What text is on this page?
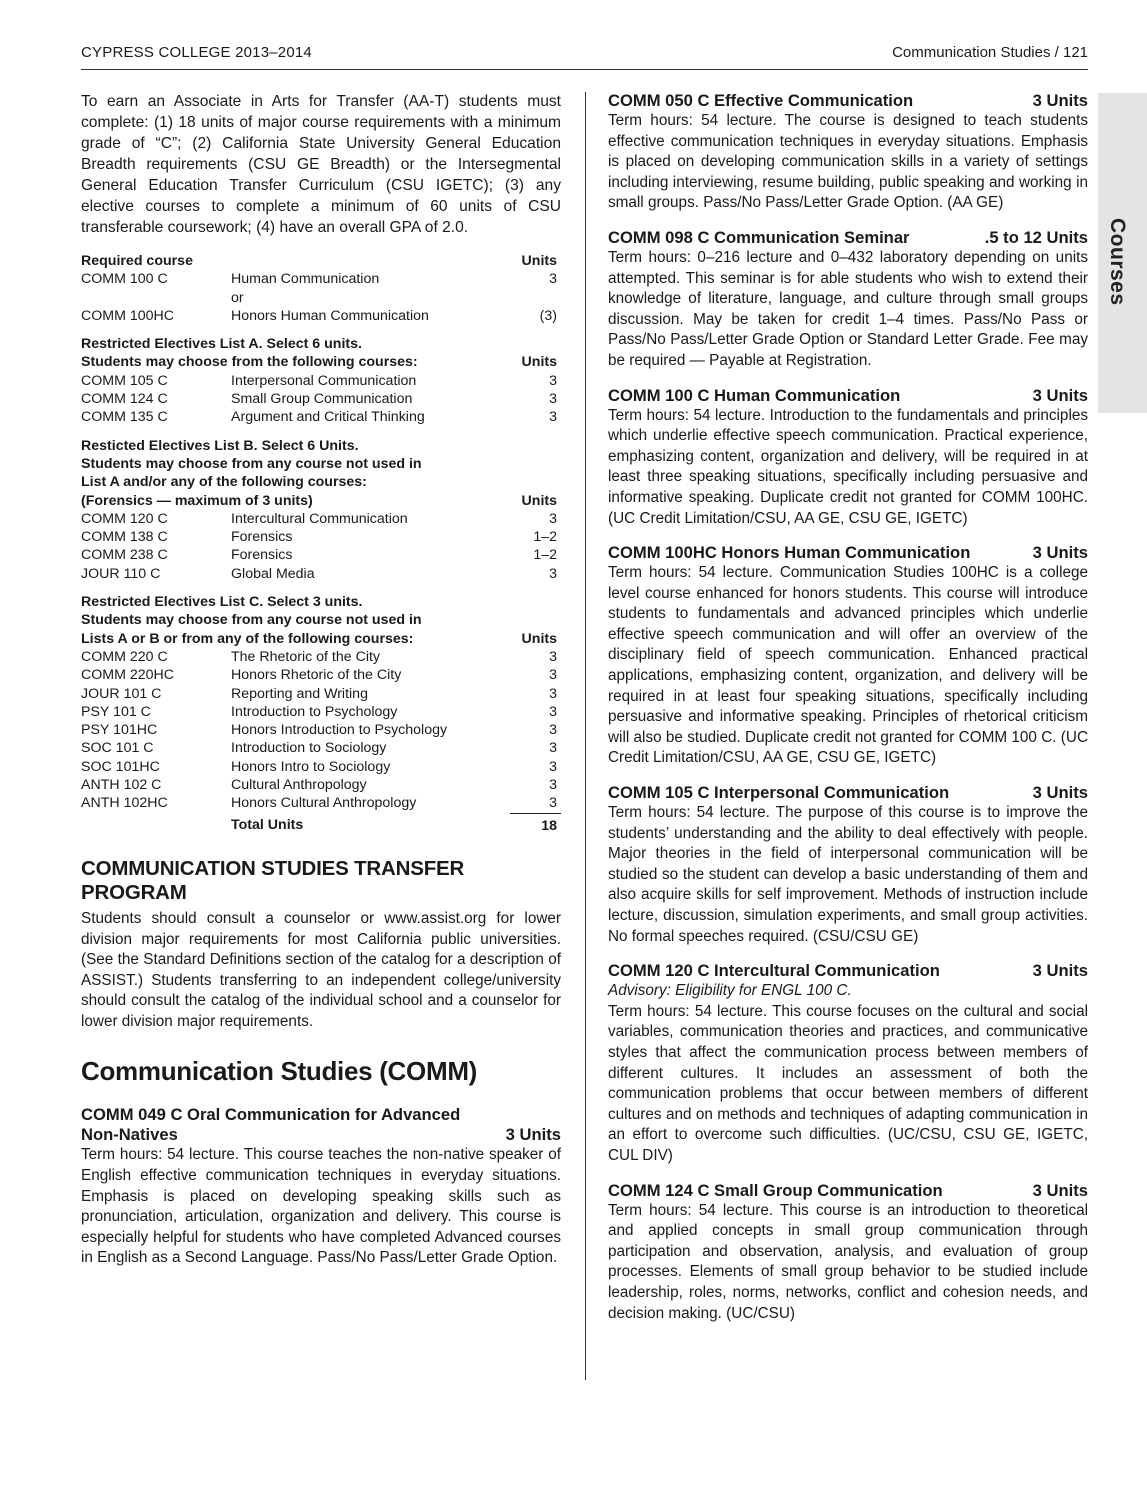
CYPRESS COLLEGE 2013–2014	Communication Studies / 121
Courses

To earn an Associate in Arts for Transfer (AA-T) students must complete: (1) 18 units of major course requirements with a minimum grade of “C”; (2) California State University General Education Breadth requirements (CSU GE Breadth) or the Intersegmental General Education Transfer Curriculum (CSU IGETC); (3) any elective courses to complete a minimum of 60 units of CSU transferable coursework; (4) have an overall GPA of 2.0.

Required course		Units
COMM 100 C	Human Communication	3
	or	
COMM 100HC	Honors Human Communication	(3)

Restricted Electives List A. Select 6 units.		
Students may choose from the following courses:		Units
COMM 105 C	Interpersonal Communication	3
COMM 124 C	Small Group Communication	3
COMM 135 C	Argument and Critical Thinking	3

Resticted Electives List B. Select 6 Units.		
Students may choose from any course not used in		
List A and/or any of the following courses:		
(Forensics — maximum of 3 units)		Units
COMM 120 C	Intercultural Communication	3
COMM 138 C	Forensics	1–2
COMM 238 C	Forensics	1–2
JOUR 110 C	Global Media	3

Restricted Electives List C. Select 3 units.		
Students may choose from any course not used in		
Lists A or B or from any of the following courses:		Units
COMM 220 C	The Rhetoric of the City	3
COMM 220HC	Honors Rhetoric of the City	3
JOUR 101 C	Reporting and Writing	3
PSY 101 C	Introduction to Psychology	3
PSY 101HC	Honors Introduction to Psychology	3
SOC 101 C	Introduction to Sociology	3
SOC 101HC	Honors Intro to Sociology	3
ANTH 102 C	Cultural Anthropology	3
ANTH 102HC	Honors Cultural Anthropology	3
	Total Units	18
COMMUNICATION STUDIES TRANSFER PROGRAM

Students should consult a counselor or www.assist.org for lower division major requirements for most California public universities. (See the Standard Definitions section of the catalog for a description of ASSIST.) Students transferring to an independent college/university should consult the catalog of the individual school and a counselor for lower division major requirements.

Communication Studies (COMM)
COMM 049 C Oral Communication for Advanced
Non-Natives	3 Units

Term hours: 54 lecture. This course teaches the non-native speaker of English effective communication techniques in everyday situations. Emphasis is placed on developing speaking skills such as pronunciation, articulation, organization and delivery. This course is especially helpful for students who have completed Advanced courses in English as a Second Language. Pass/No Pass/Letter Grade Option.

COMM 050 C Effective Communication	3 Units

Term hours: 54 lecture. The course is designed to teach students effective communication techniques in everyday situations. Emphasis is placed on developing communication skills in a variety of settings including interviewing, resume building, public speaking and working in small groups. Pass/No Pass/Letter Grade Option. (AA GE)

COMM 098 C Communication Seminar	.5 to 12 Units

Term hours: 0–216 lecture and 0–432 laboratory depending on units attempted. This seminar is for able students who wish to extend their knowledge of literature, language, and culture through small groups discussion. May be taken for credit 1–4 times. Pass/No Pass or Pass/No Pass/Letter Grade Option or Standard Letter Grade. Fee may be required — Payable at Registration.

COMM 100 C Human Communication	3 Units

Term hours: 54 lecture. Introduction to the fundamentals and principles which underlie effective speech communication. Practical experience, emphasizing content, organization and delivery, will be required in at least three speaking situations, specifically including persuasive and informative speaking. Duplicate credit not granted for COMM 100HC. (UC Credit Limitation/CSU, AA GE, CSU GE, IGETC)

COMM 100HC Honors Human Communication	3 Units

Term hours: 54 lecture. Communication Studies 100HC is a college level course enhanced for honors students. This course will introduce students to fundamentals and advanced principles which underlie effective speech communication and will offer an overview of the disciplinary field of speech communication. Enhanced practical applications, emphasizing content, organization, and delivery will be required in at least four speaking situations, specifically including persuasive and informative speaking. Principles of rhetorical criticism will also be studied. Duplicate credit not granted for COMM 100 C. (UC Credit Limitation/CSU, AA GE, CSU GE, IGETC)

COMM 105 C Interpersonal Communication	3 Units

Term hours: 54 lecture. The purpose of this course is to improve the students’ understanding and the ability to deal effectively with people. Major theories in the field of interpersonal communication will be studied so the student can develop a basic understanding of them and also acquire skills for self improvement. Methods of instruction include lecture, discussion, simulation experiments, and small group activities. No formal speeches required. (CSU/CSU GE)

COMM 120 C Intercultural Communication	3 Units
Advisory: Eligibility for ENGL 100 C.

Term hours: 54 lecture. This course focuses on the cultural and social variables, communication theories and practices, and communicative styles that affect the communication process between members of different cultures. It includes an assessment of both the communication problems that occur between members of different cultures and on methods and techniques of adapting communication in an effort to overcome such difficulties. (UC/CSU, CSU GE, IGETC, CUL DIV)

COMM 124 C Small Group Communication	3 Units

Term hours: 54 lecture. This course is an introduction to theoretical and applied concepts in small group communication through participation and observation, analysis, and evaluation of group processes. Elements of small group behavior to be studied include leadership, roles, norms, networks, conflict and cohesion needs, and decision making. (UC/CSU)
